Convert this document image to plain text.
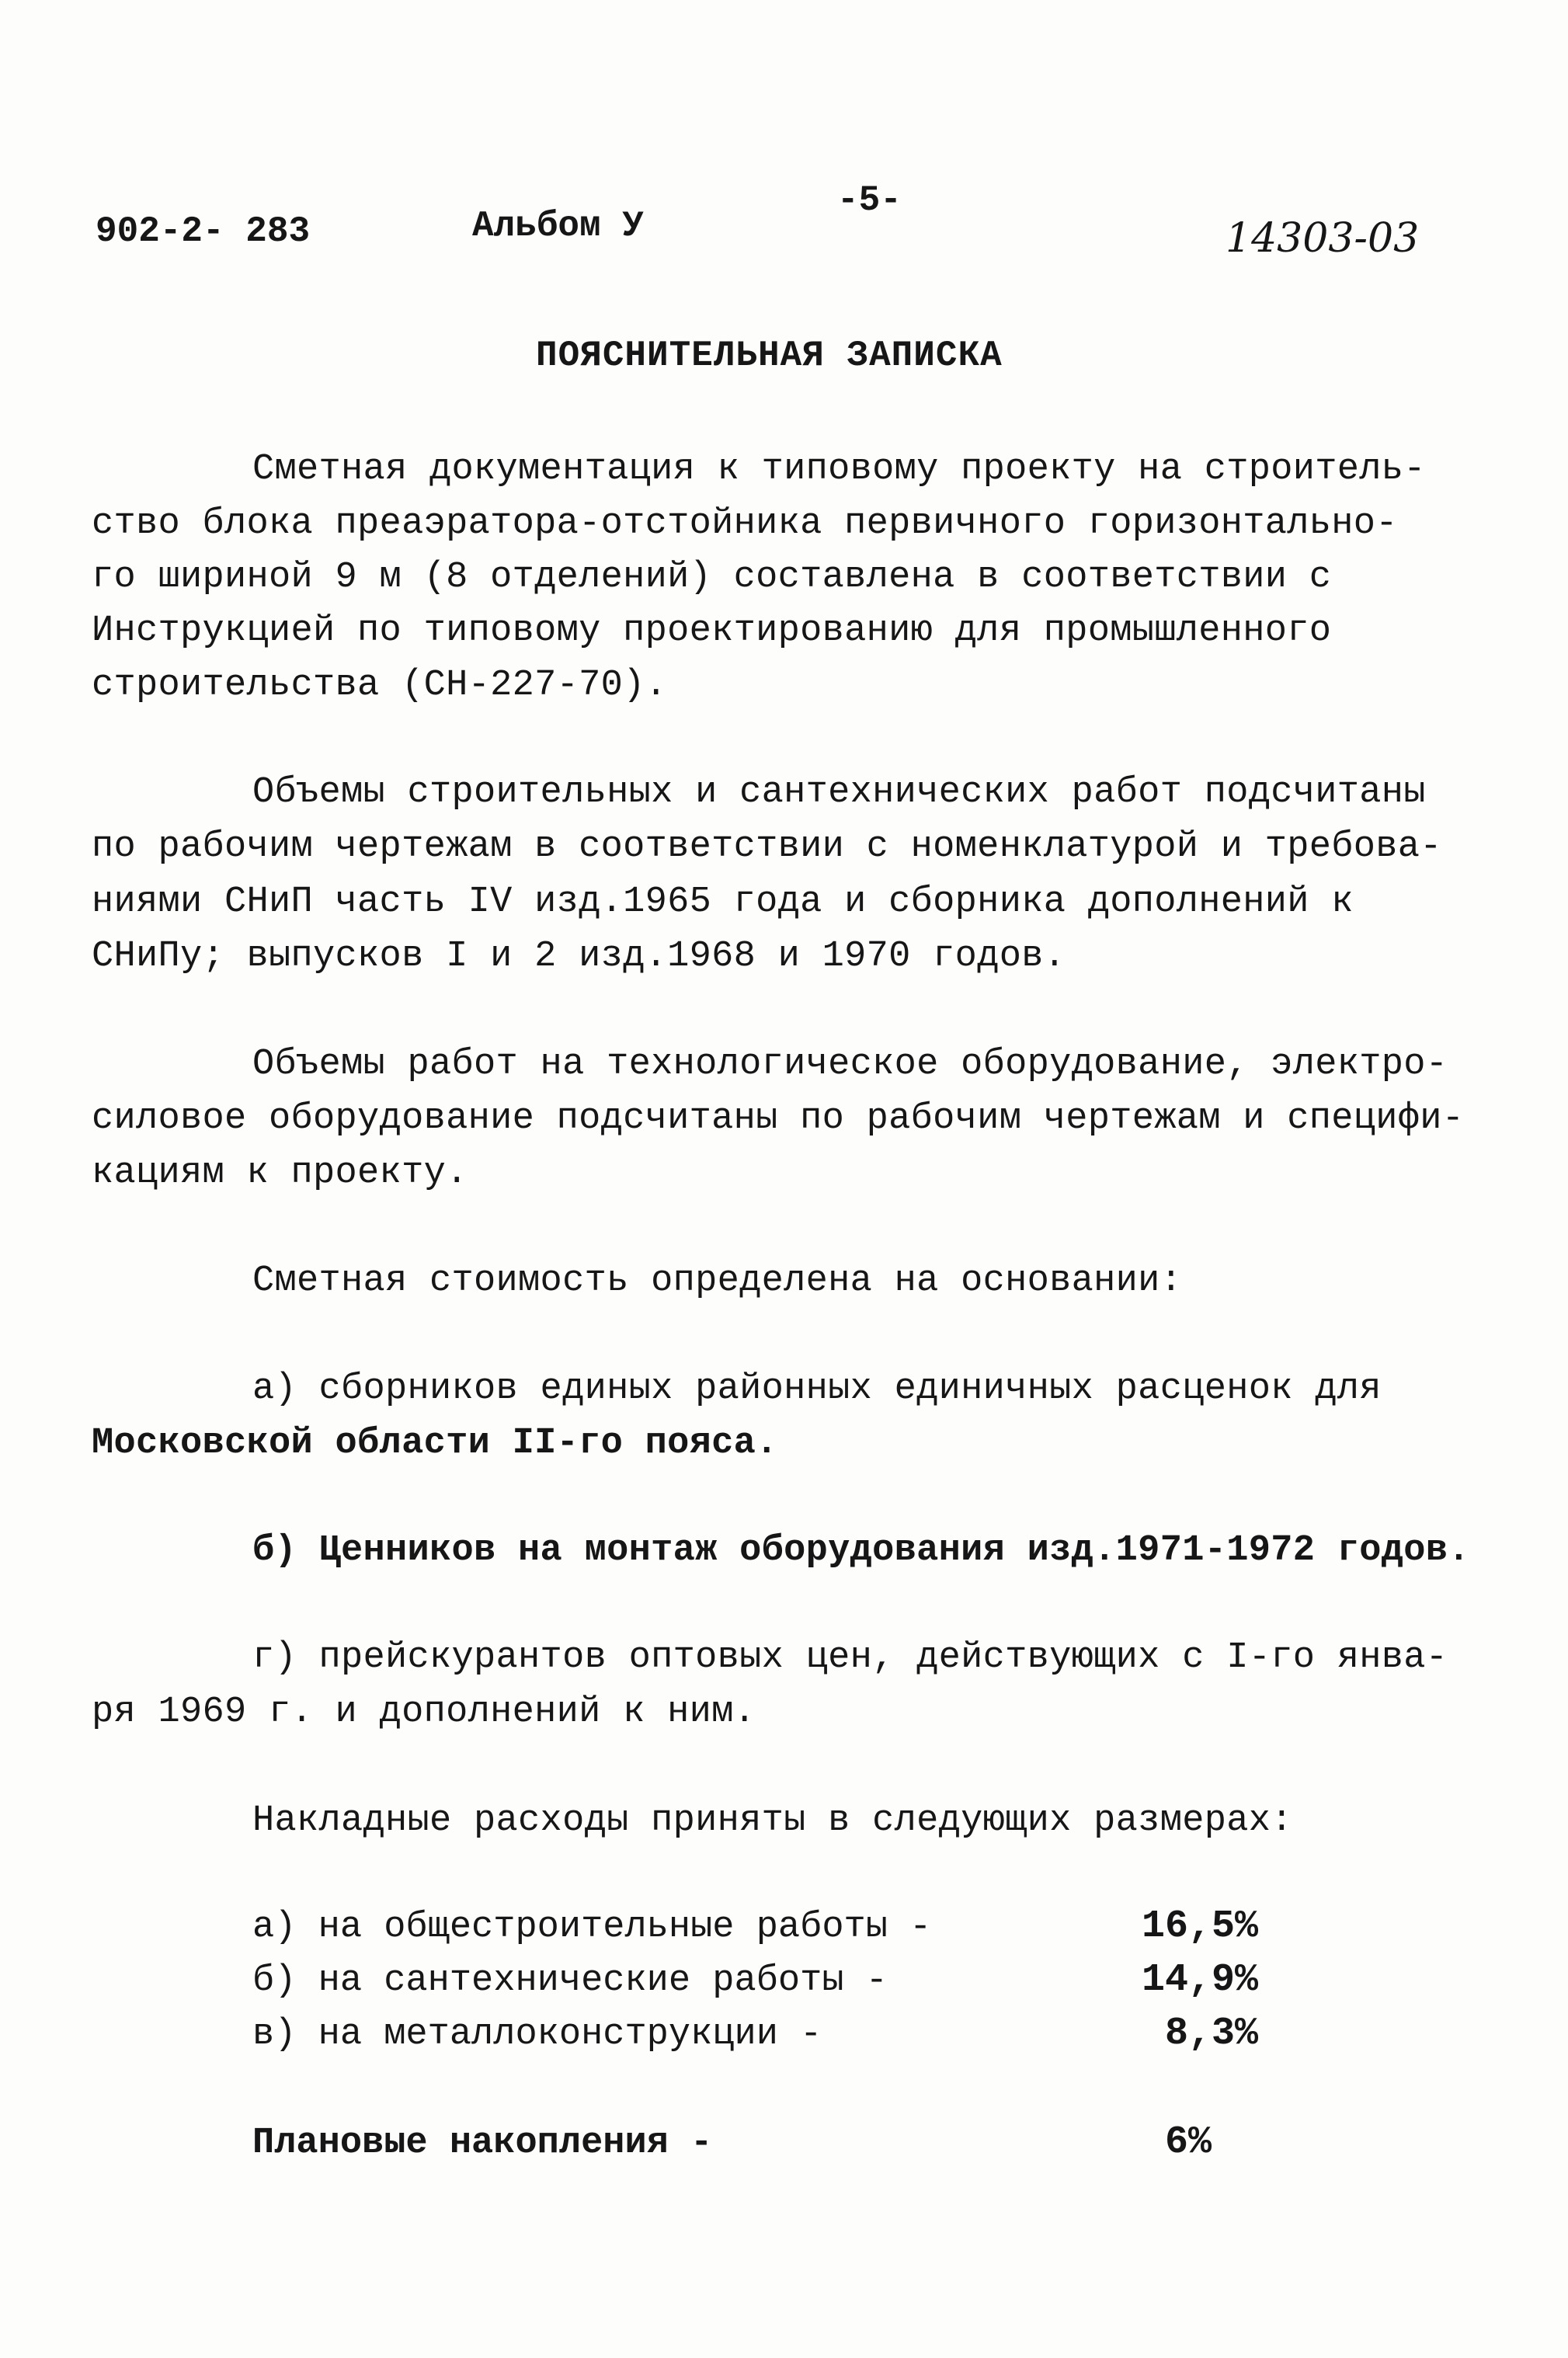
902-2- 283	Альбом У
-5-
14303-03
ПОЯСНИТЕЛЬНАЯ ЗАПИСКА
Сметная документация к типовому проекту на строитель-
ство блока преаэратора-отстойника первичного горизонтально-
го шириной 9 м (8 отделений) составлена в соответствии с
Инструкцией по типовому проектированию для промышленного
строительства (СН-227-70).
Объемы строительных и сантехнических работ подсчитаны
по рабочим чертежам в соответствии с номенклатурой и требова-
ниями СНиП часть IV изд.1965 года и сборника дополнений к
СНиПу; выпусков I и 2 изд.1968 и 1970 годов.
Объемы работ на технологическое оборудование, электро-
силовое оборудование подсчитаны по рабочим чертежам и специфи-
кациям к проекту.
Сметная стоимость определена на основании:
а) сборников единых районных единичных расценок для
Московской области II-го пояса.
б) Ценников на монтаж оборудования изд.1971-1972 годов.
г) прейскурантов оптовых цен, действующих с I-го янва-
ря 1969 г. и дополнений к ним.
Накладные расходы приняты в следующих размерах:
а) на общестроительные работы -	16,5%
б) на сантехнические работы -	14,9%
в) на металлоконструкции -	8,3%
Плановые накопления -	6%
